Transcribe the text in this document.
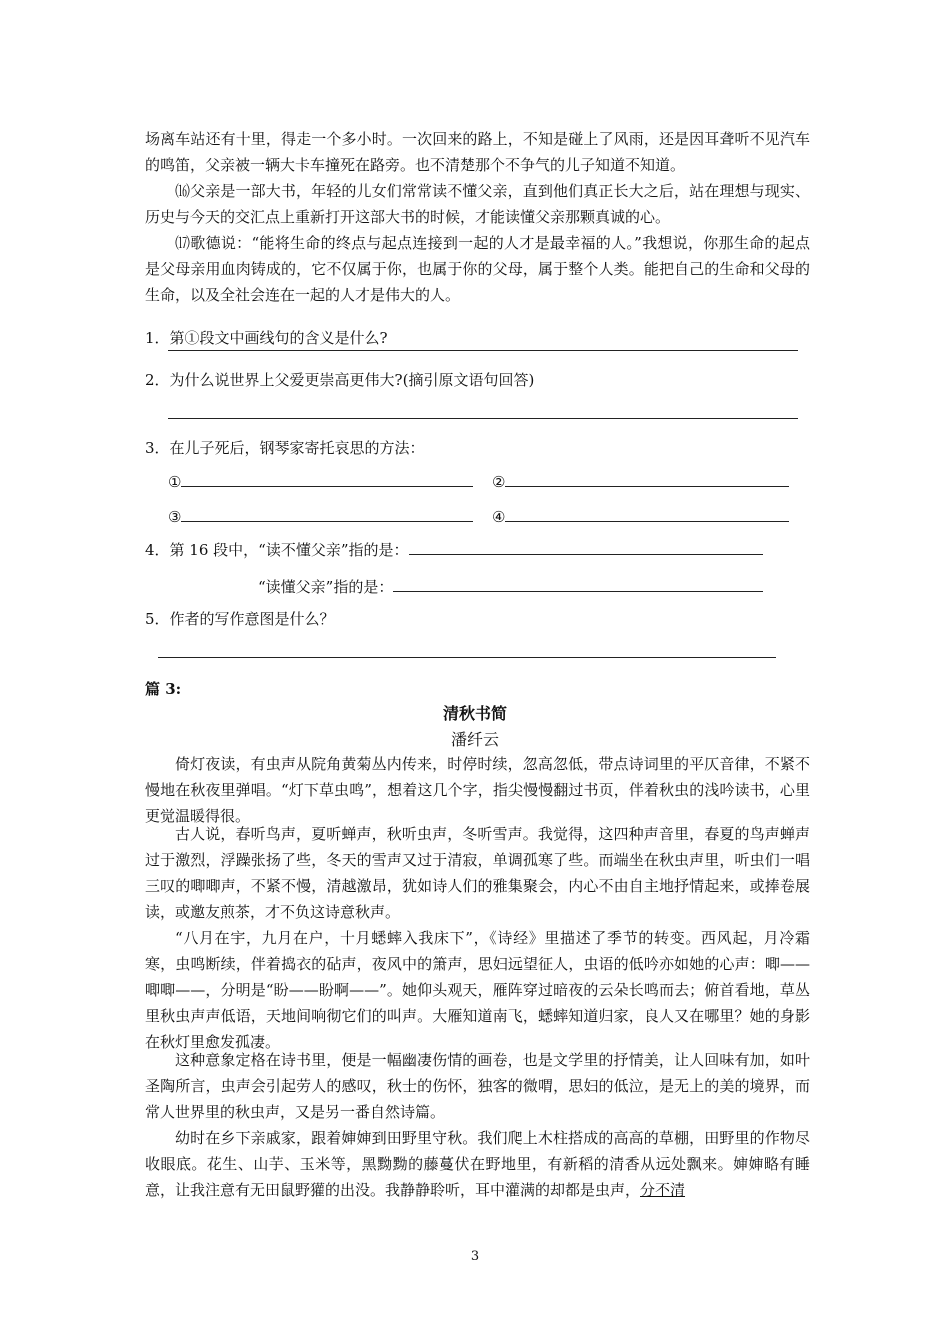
场离车站还有十里，得走一个多小时。一次回来的路上，不知是碰上了风雨，还是因耳聋听不见汽车的鸣笛，父亲被一辆大卡车撞死在路旁。也不清楚那个不争气的儿子知道不知道。

⒃父亲是一部大书，年轻的儿女们常常读不懂父亲，直到他们真正长大之后，站在理想与现实、历史与今天的交汇点上重新打开这部大书的时候，才能读懂父亲那颗真诚的心。

⒄歌德说：“能将生命的终点与起点连接到一起的人才是最幸福的人。”我想说，你那生命的起点是父母亲用血肉铸成的，它不仅属于你，也属于你的父母，属于整个人类。能把自己的生命和父母的生命，以及全社会连在一起的人才是伟大的人。

1．第①段文中画线句的含义是什么?
2．为什么说世界上父爱更崇高更伟大?(摘引原文语句回答)
3．在儿子死后，钢琴家寄托哀思的方法：
①	②
③	④
4．第 16 段中，“读不懂父亲”指的是：
“读懂父亲”指的是：
5．作者的写作意图是什么？
篇 3:
清秋书简
潘纤云

倚灯夜读，有虫声从院角黄菊丛内传来，时停时续，忽高忽低，带点诗词里的平仄音律，不紧不慢地在秋夜里弹唱。“灯下草虫鸣”，想着这几个字，指尖慢慢翻过书页，伴着秋虫的浅吟读书，心里更觉温暖得很。

古人说，春听鸟声，夏听蝉声，秋听虫声，冬听雪声。我觉得，这四种声音里，春夏的鸟声蝉声过于激烈，浮躁张扬了些，冬天的雪声又过于清寂，单调孤寒了些。而端坐在秋虫声里，听虫们一唱三叹的唧唧声，不紧不慢，清越激昂，犹如诗人们的雅集聚会，内心不由自主地抒情起来，或捧卷展读，或邀友煎茶，才不负这诗意秋声。

“八月在宇，九月在户，十月蟋蟀入我床下”，《诗经》里描述了季节的转变。西风起，月冷霜寒，虫鸣断续，伴着捣衣的砧声，夜风中的箫声，思妇远望征人，虫语的低吟亦如她的心声：唧——唧唧——，分明是“盼——盼啊——”。她仰头观天，雁阵穿过暗夜的云朵长鸣而去；俯首看地，草丛里秋虫声声低语，天地间响彻它们的叫声。大雁知道南飞，蟋蟀知道归家，良人又在哪里？她的身影在秋灯里愈发孤凄。

这种意象定格在诗书里，便是一幅幽凄伤情的画卷，也是文学里的抒情美，让人回味有加，如叶圣陶所言，虫声会引起劳人的感叹，秋士的伤怀，独客的微喟，思妇的低泣，是无上的美的境界，而常人世界里的秋虫声，又是另一番自然诗篇。

幼时在乡下亲戚家，跟着婶婶到田野里守秋。我们爬上木柱搭成的高高的草棚，田野里的作物尽收眼底。花生、山芋、玉米等，黑黝黝的藤蔓伏在野地里，有新稻的清香从远处飘来。婶婶略有睡意，让我注意有无田鼠野獾的出没。我静静聆听，耳中灌满的却都是虫声，分不清

3
